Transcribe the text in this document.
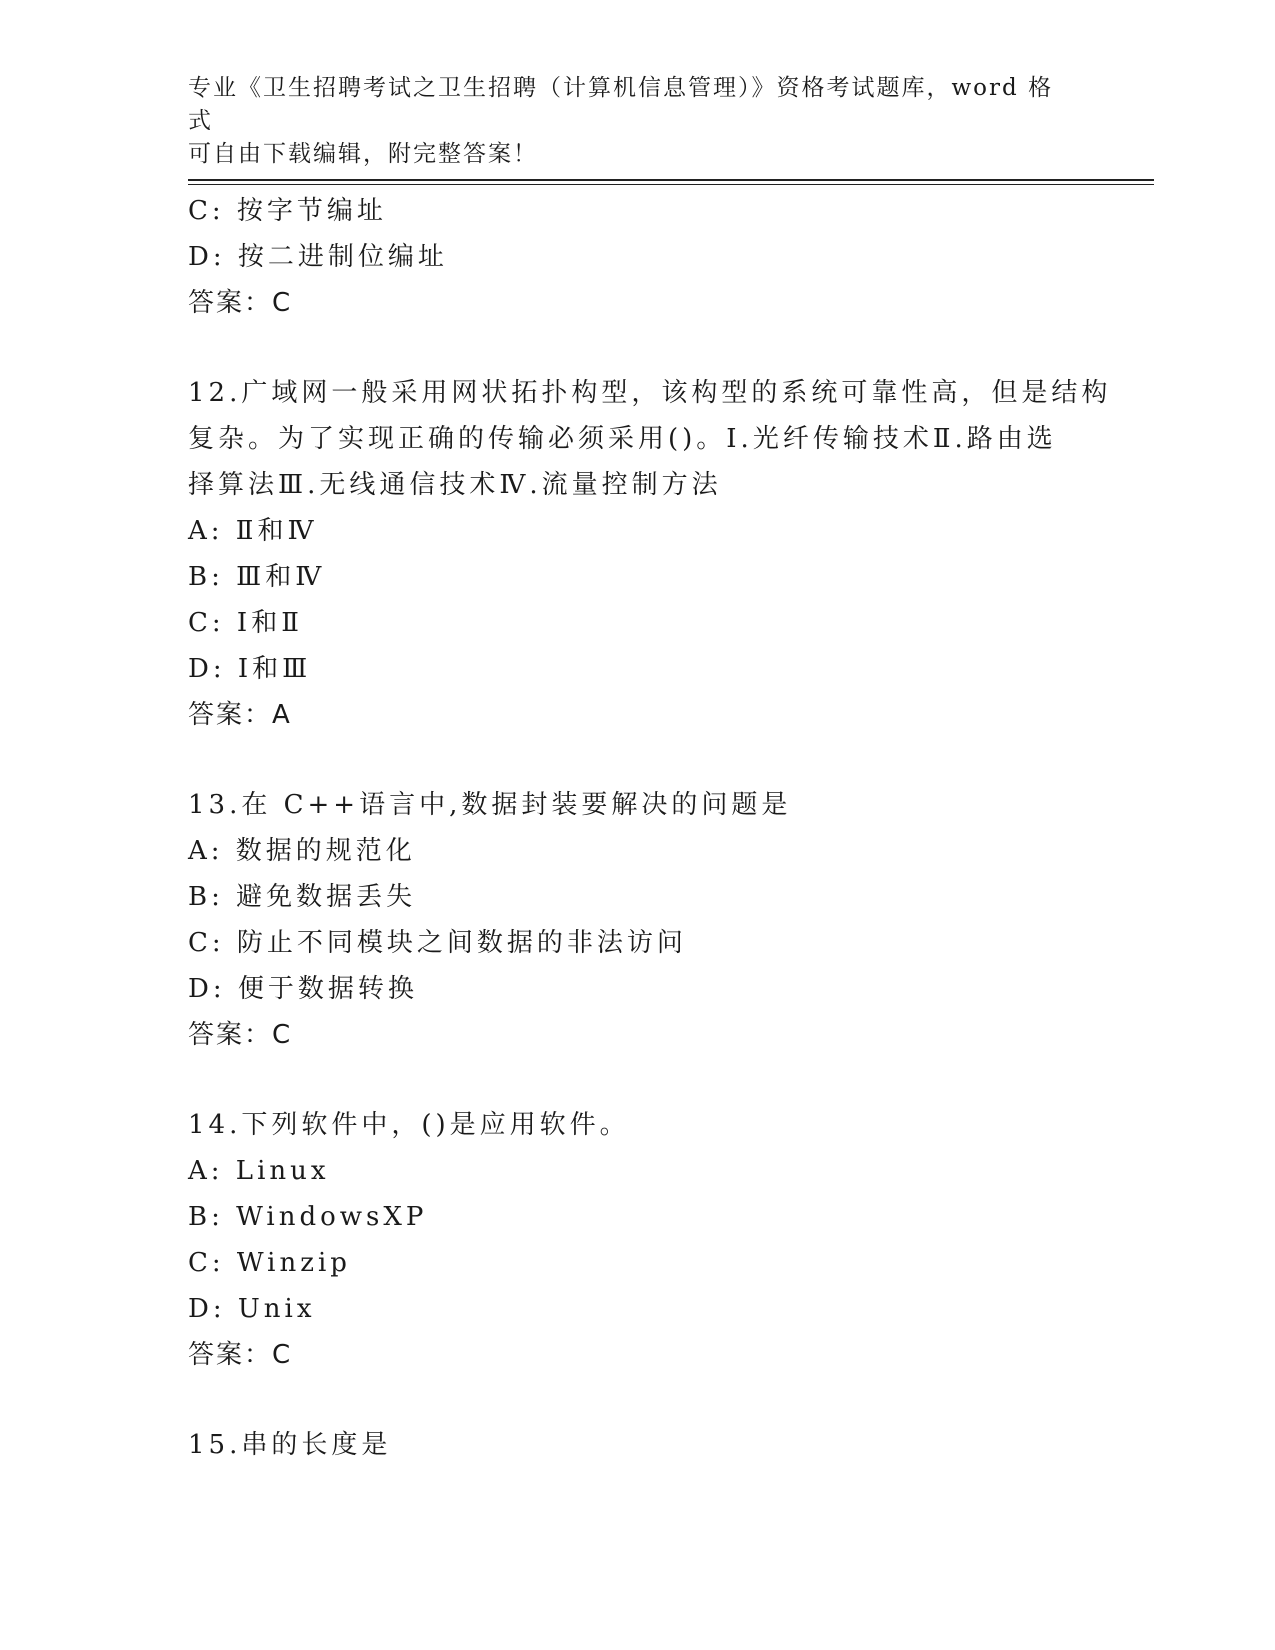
专业《卫生招聘考试之卫生招聘（计算机信息管理）》资格考试题库，word 格式
可自由下载编辑，附完整答案！
C: 按字节编址
D: 按二进制位编址
答案：C
12.广域网一般采用网状拓扑构型，该构型的系统可靠性高，但是结构
复杂。为了实现正确的传输必须采用()。Ⅰ.光纤传输技术Ⅱ.路由选
择算法Ⅲ.无线通信技术Ⅳ.流量控制方法
A: Ⅱ和Ⅳ
B: Ⅲ和Ⅳ
C: Ⅰ和Ⅱ
D: Ⅰ和Ⅲ
答案：A
13.在 C++语言中,数据封装要解决的问题是
A: 数据的规范化
B: 避免数据丢失
C: 防止不同模块之间数据的非法访问
D: 便于数据转换
答案：C
14.下列软件中，()是应用软件。
A: Linux
B: WindowsXP
C: Winzip
D: Unix
答案：C
15.串的长度是
